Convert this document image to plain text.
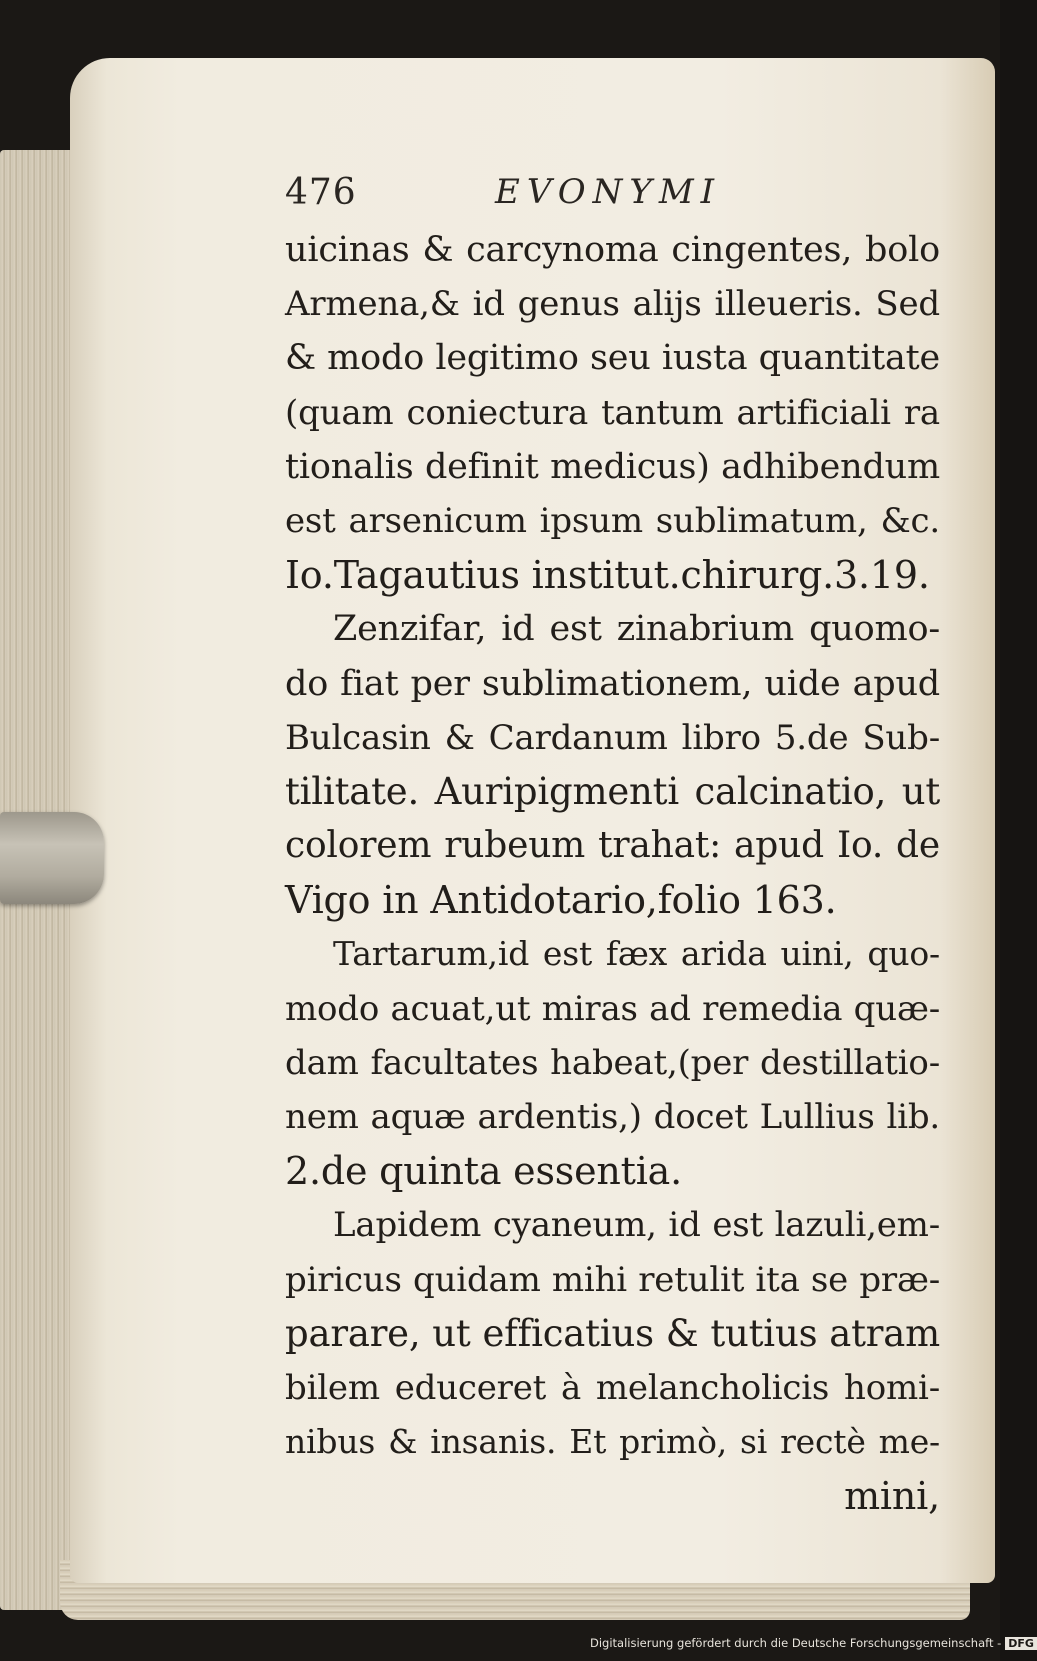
476	EVONYMI
uicinas & carcynoma cingentes, bolo
Armena,& id genus alijs illeueris. Sed
& modo legitimo seu iusta quantitate
(quam coniectura tantum artificiali ra
tionalis definit medicus) adhibendum
est arsenicum ipsum sublimatum, &c.
Io.Tagautius institut.chirurg.3.19.
Zenzifar, id est zinabrium quomo-
do fiat per sublimationem, uide apud
Bulcasin & Cardanum libro 5.de Sub-
tilitate. Auripigmenti calcinatio, ut
colorem rubeum trahat: apud Io. de
Vigo in Antidotario,folio 163.
Tartarum,id est fæx arida uini, quo-
modo acuat,ut miras ad remedia quæ-
dam facultates habeat,(per destillatio-
nem aquæ ardentis,) docet Lullius lib.
2.de quinta essentia.
Lapidem cyaneum, id est lazuli,em-
piricus quidam mihi retulit ita se præ-
parare, ut efficatius & tutius atram
bilem educeret à melancholicis homi-
nibus & insanis. Et primò, si rectè me-
mini,
Digitalisierung gefördert durch die Deutsche Forschungsgemeinschaft - DFG
